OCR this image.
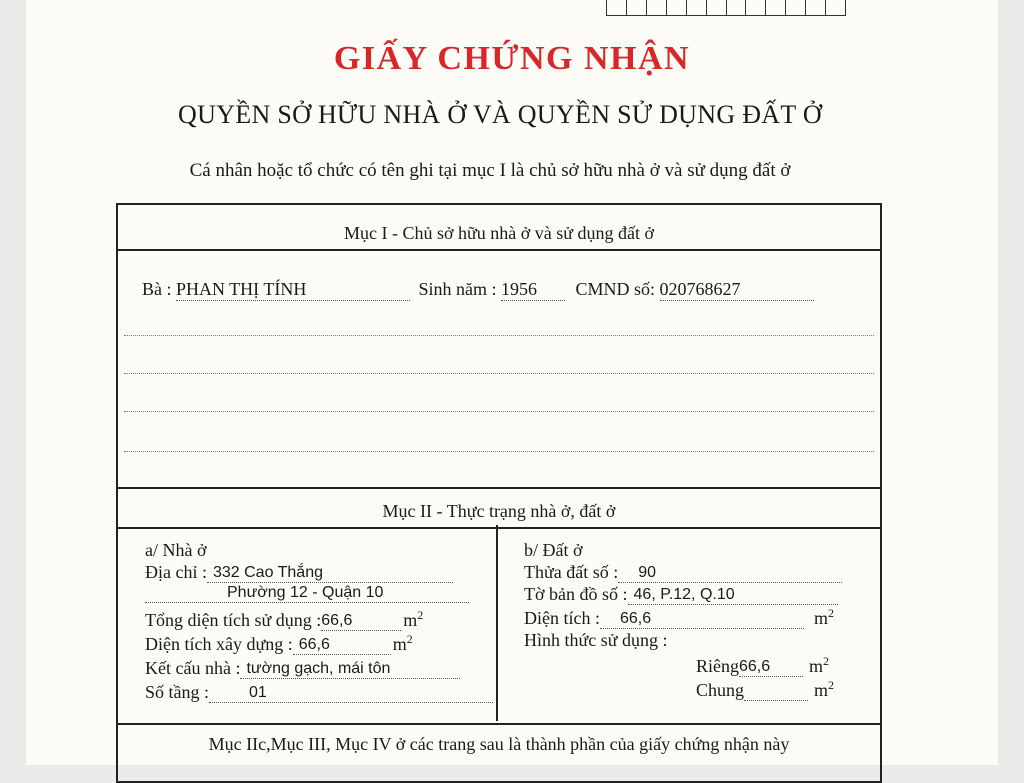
GIẤY CHỨNG NHẬN
QUYỀN SỞ HỮU NHÀ Ở VÀ QUYỀN SỬ DỤNG ĐẤT Ở
Cá nhân hoặc tổ chức có tên ghi tại mục I là chủ sở hữu nhà ở và sử dụng đất ở
Mục I - Chủ sở hữu nhà ở và sử dụng đất ở
Bà : PHAN THỊ TÍNH	Sinh năm : 1956 CMND số: 020768627
Mục II - Thực trạng nhà ở, đất ở
a/ Nhà ở
Địa chỉ : 332 Cao Thắng
Phường 12 - Quận 10
Tổng diện tích sử dụng : 66,6	$m^2$
Diện tích xây dựng : 66,6	$m^2$
Kết cấu nhà : tường gạch, mái tôn
Số tầng :	01
b/ Đất ở
Thửa đất số :	90
Tờ bản đồ số : 46, P.12, Q.10
Diện tích :	66,6	$m^2$
Hình thức sử dụng :
Riêng 66,6	$m^2$
Chung	$m^2$
Mục IIc,Mục III, Mục IV ở các trang sau là thành phần của giấy chứng nhận này
